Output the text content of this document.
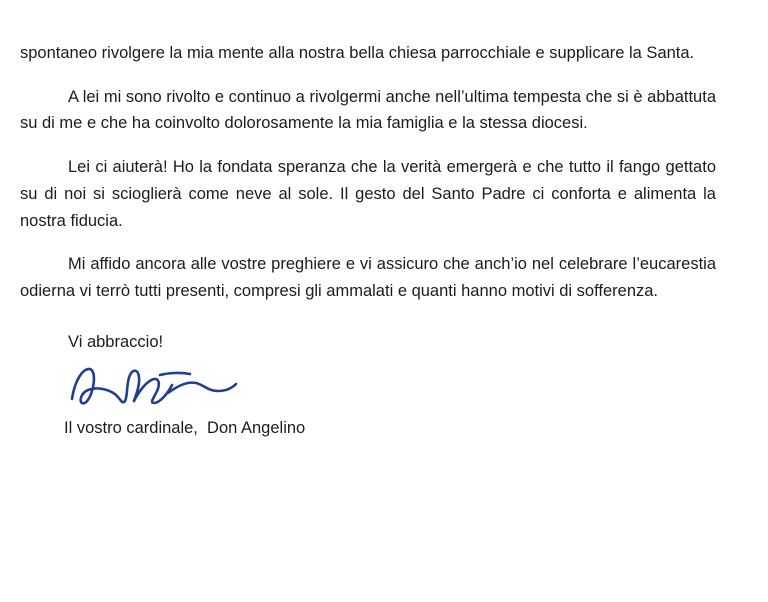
spontaneo rivolgere la mia mente alla nostra bella chiesa parrocchiale e supplicare la Santa.

A lei mi sono rivolto e continuo a rivolgermi anche nell’ultima tempesta che si è abbattuta su di me e che ha coinvolto dolorosamente la mia famiglia e la stessa diocesi.

Lei ci aiuterà! Ho la fondata speranza che la verità emergerà e che tutto il fango gettato su di noi si scioglierà come neve al sole. Il gesto del Santo Padre ci conforta e alimenta la nostra fiducia.

Mi affido ancora alle vostre preghiere e vi assicuro che anch’io nel celebrare l’eucarestia odierna vi terrò tutti presenti, compresi gli ammalati e quanti hanno motivi di sofferenza.

Vi abbraccio!

Il vostro cardinale,  Don Angelino
